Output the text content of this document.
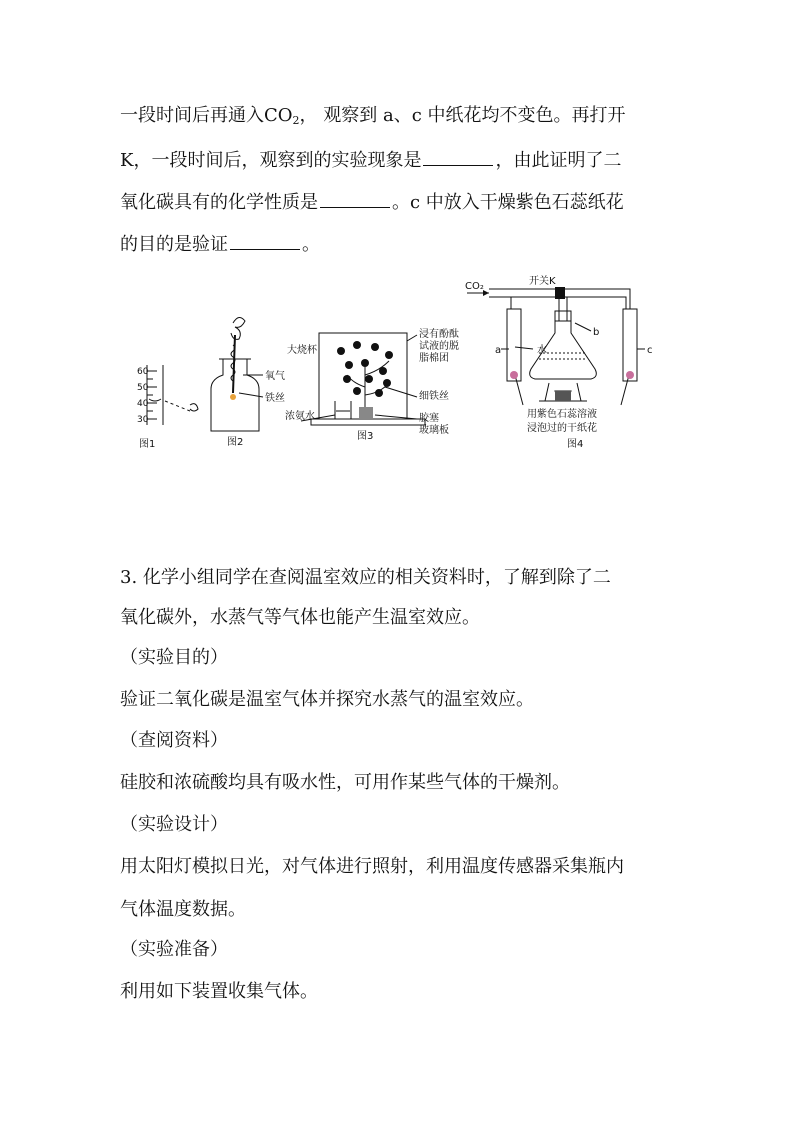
一段时间后再通入$CO_2$， 观察到 a、c 中纸花均不变色。再打开
K，一段时间后，观察到的实验现象是	，由此证明了二
氧化碳具有的化学性质是	。c 中放入干燥紫色石蕊纸花
的目的是验证	。
60
50
40
30
图1
氧气
铁丝
图2
大烧杯
浸有酚酞
试液的脱
脂棉团
细铁丝
浓氨水	胶塞
玻璃板
图3
CO₂	开关K
b
水
a	c
用紫色石蕊溶液
浸泡过的干纸花
图4
3. 化学小组同学在查阅温室效应的相关资料时，了解到除了二
氧化碳外，水蒸气等气体也能产生温室效应。
（实验目的）
验证二氧化碳是温室气体并探究水蒸气的温室效应。
（查阅资料）
硅胶和浓硫酸均具有吸水性，可用作某些气体的干燥剂。
（实验设计）
用太阳灯模拟日光，对气体进行照射，利用温度传感器采集瓶内
气体温度数据。
（实验准备）
利用如下装置收集气体。
